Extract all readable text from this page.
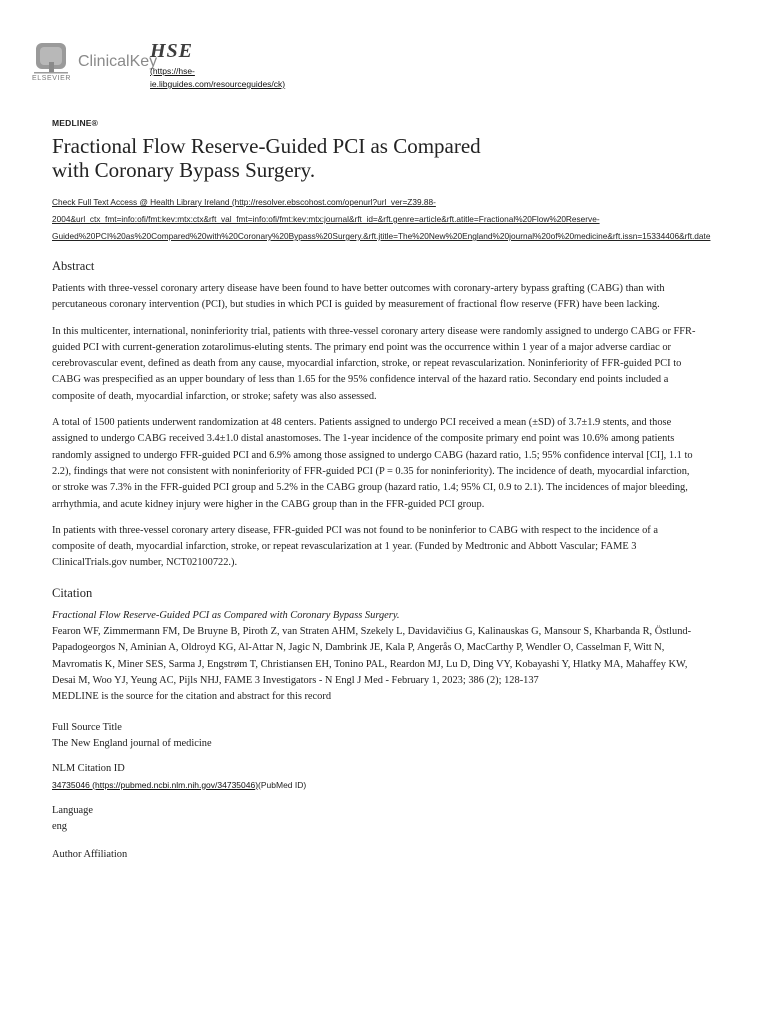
ELSEVIER
ClinicalKey
HSE
(https://hse-
ie.libguides.com/resourceguides/ck)

MEDLINE®

Fractional Flow Reserve-Guided PCI as Compared with Coronary Bypass Surgery.
Check Full Text Access @ Health Library Ireland (http://resolver.ebscohost.com/openurl?url_ver=Z39.88-
2004&url_ctx_fmt=info:ofi/fmt:kev:mtx:ctx&rft_val_fmt=info:ofi/fmt:kev:mtx:journal&rft_id=&rft.genre=article&rft.atitle=Fractional%20Flow%20Reserve-
Guided%20PCI%20as%20Compared%20with%20Coronary%20Bypass%20Surgery.&rft.jtitle=The%20New%20England%20journal%20of%20medicine&rft.issn=15334406&rft.date
Abstract

Patients with three-vessel coronary artery disease have been found to have better outcomes with coronary-artery bypass grafting (CABG) than with percutaneous coronary intervention (PCI), but studies in which PCI is guided by measurement of fractional flow reserve (FFR) have been lacking.

In this multicenter, international, noninferiority trial, patients with three-vessel coronary artery disease were randomly assigned to undergo CABG or FFR-guided PCI with current-generation zotarolimus-eluting stents. The primary end point was the occurrence within 1 year of a major adverse cardiac or cerebrovascular event, defined as death from any cause, myocardial infarction, stroke, or repeat revascularization. Noninferiority of FFR-guided PCI to CABG was prespecified as an upper boundary of less than 1.65 for the 95% confidence interval of the hazard ratio. Secondary end points included a composite of death, myocardial infarction, or stroke; safety was also assessed.

A total of 1500 patients underwent randomization at 48 centers. Patients assigned to undergo PCI received a mean (±SD) of 3.7±1.9 stents, and those assigned to undergo CABG received 3.4±1.0 distal anastomoses. The 1-year incidence of the composite primary end point was 10.6% among patients randomly assigned to undergo FFR-guided PCI and 6.9% among those assigned to undergo CABG (hazard ratio, 1.5; 95% confidence interval [CI], 1.1 to 2.2), findings that were not consistent with noninferiority of FFR-guided PCI (P = 0.35 for noninferiority). The incidence of death, myocardial infarction, or stroke was 7.3% in the FFR-guided PCI group and 5.2% in the CABG group (hazard ratio, 1.4; 95% CI, 0.9 to 2.1). The incidences of major bleeding, arrhythmia, and acute kidney injury were higher in the CABG group than in the FFR-guided PCI group.

In patients with three-vessel coronary artery disease, FFR-guided PCI was not found to be noninferior to CABG with respect to the incidence of a composite of death, myocardial infarction, stroke, or repeat revascularization at 1 year. (Funded by Medtronic and Abbott Vascular; FAME 3 ClinicalTrials.gov number, NCT02100722.).

Citation
Fractional Flow Reserve-Guided PCI as Compared with Coronary Bypass Surgery.
Fearon WF, Zimmermann FM, De Bruyne B, Piroth Z, van Straten AHM, Szekely L, Davidavičius G, Kalinauskas G, Mansour S, Kharbanda R, Östlund-Papadogeorgos N, Aminian A, Oldroyd KG, Al-Attar N, Jagic N, Dambrink JE, Kala P, Angerås O, MacCarthy P, Wendler O, Casselman F, Witt N, Mavromatis K, Miner SES, Sarma J, Engstrøm T, Christiansen EH, Tonino PAL, Reardon MJ, Lu D, Ding VY, Kobayashi Y, Hlatky MA, Mahaffey KW, Desai M, Woo YJ, Yeung AC, Pijls NHJ, FAME 3 Investigators - N Engl J Med - February 1, 2023; 386 (2); 128-137
MEDLINE is the source for the citation and abstract for this record
Full Source Title
The New England journal of medicine
NLM Citation ID
34735046 (https://pubmed.ncbi.nlm.nih.gov/34735046)(PubMed ID)
Language
eng
Author Affiliation
